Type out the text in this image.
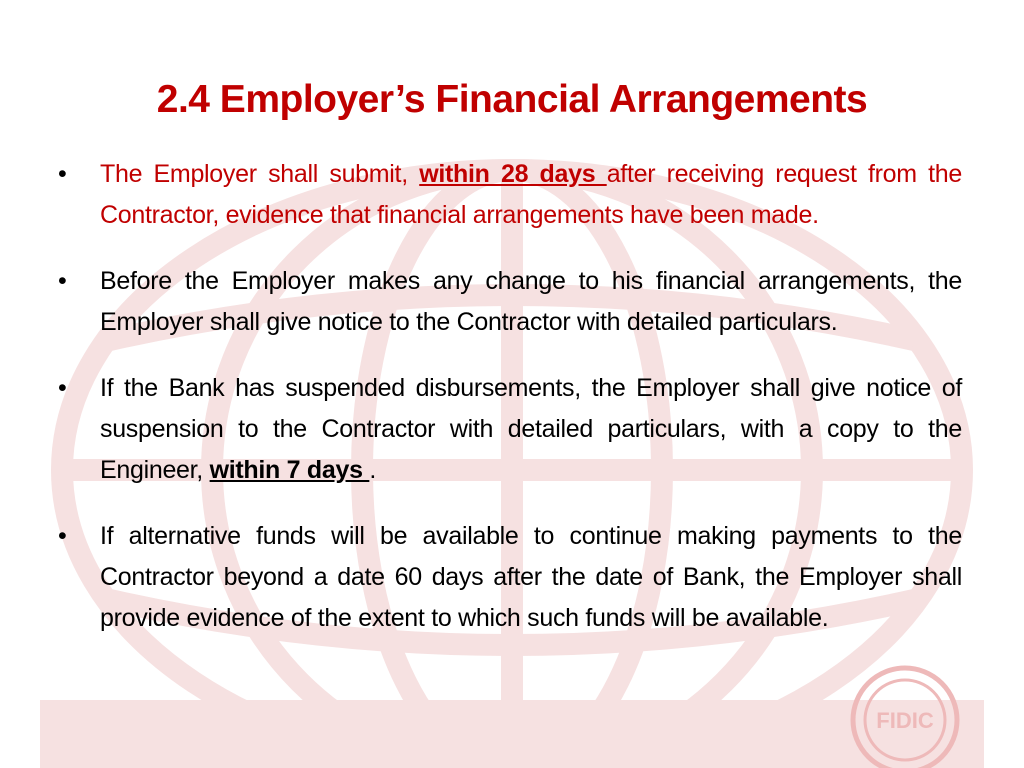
FIDIC
2.4 Employer’s Financial Arrangements
• The Employer shall submit, within 28 days after receiving request from the Contractor, evidence that financial arrangements have been made.
• Before the Employer makes any change to his financial arrangements, the Employer shall give notice to the Contractor with detailed particulars.
• If the Bank has suspended disbursements, the Employer shall give notice of suspension to the Contractor with detailed particulars, with a copy to the Engineer, within 7 days .
• If alternative funds will be available to continue making payments to the Contractor beyond a date 60 days after the date of Bank, the Employer shall provide evidence of the extent to which such funds will be available.
